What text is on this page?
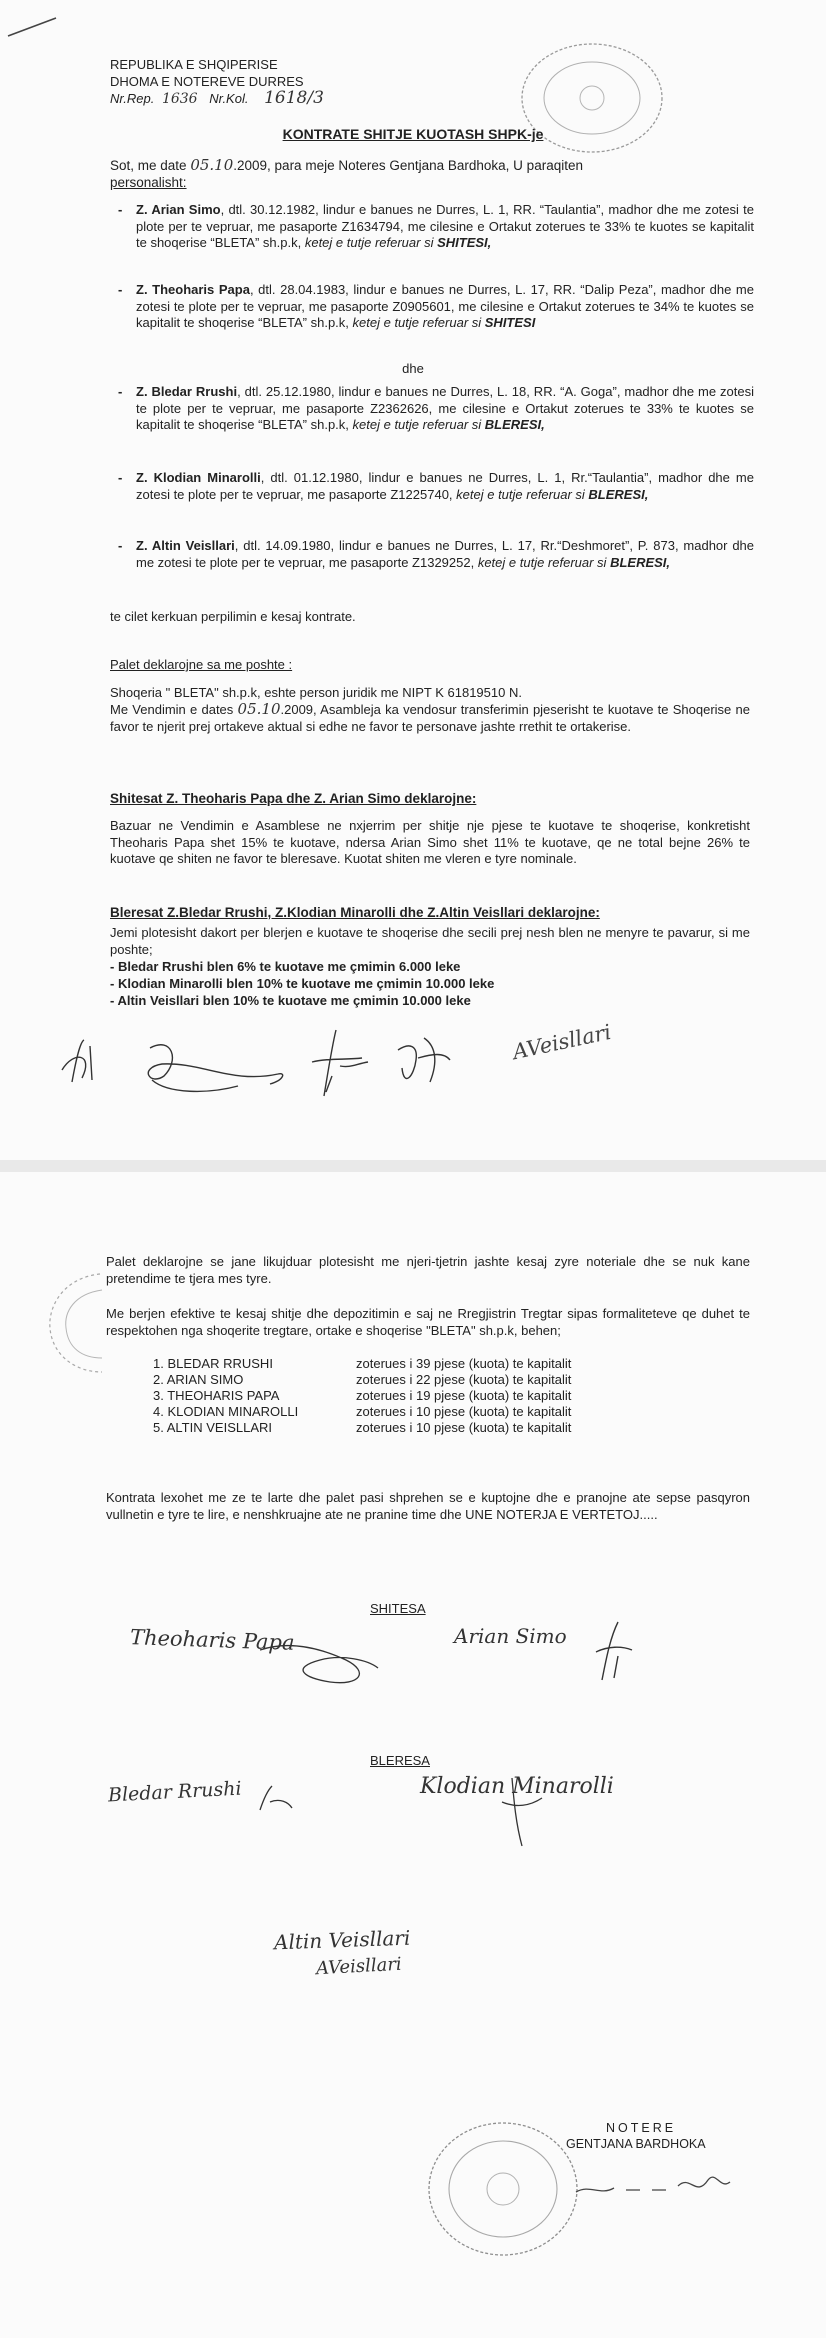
REPUBLIKA E SHQIPERISE
DHOMA E NOTEREVE DURRES
Nr.Rep. 1636 Nr.Kol. 1618/3
KONTRATE SHITJE KUOTASH SHPK-je
Sot, me date 05.10.2009, para meje Noteres Gentjana Bardhoka, U paraqiten
personalisht:
- Z. Arian Simo, dtl. 30.12.1982, lindur e banues ne Durres, L. 1, RR. “Taulantia”, madhor dhe me zotesi te plote per te vepruar, me pasaporte Z1634794, me cilesine e Ortakut zoterues te 33% te kuotes se kapitalit te shoqerise “BLETA” sh.p.k, ketej e tutje referuar si SHITESI,
- Z. Theoharis Papa, dtl. 28.04.1983, lindur e banues ne Durres, L. 17, RR. “Dalip Peza”, madhor dhe me zotesi te plote per te vepruar, me pasaporte Z0905601, me cilesine e Ortakut zoterues te 34% te kuotes se kapitalit te shoqerise “BLETA” sh.p.k, ketej e tutje referuar si SHITESI
dhe
- Z. Bledar Rrushi, dtl. 25.12.1980, lindur e banues ne Durres, L. 18, RR. “A. Goga”, madhor dhe me zotesi te plote per te vepruar, me pasaporte Z2362626, me cilesine e Ortakut zoterues te 33% te kuotes se kapitalit te shoqerise “BLETA” sh.p.k, ketej e tutje referuar si BLERESI,
- Z. Klodian Minarolli, dtl. 01.12.1980, lindur e banues ne Durres, L. 1, Rr.“Taulantia”, madhor dhe me zotesi te plote per te vepruar, me pasaporte Z1225740, ketej e tutje referuar si BLERESI,
- Z. Altin Veisllari, dtl. 14.09.1980, lindur e banues ne Durres, L. 17, Rr.“Deshmoret”, P. 873, madhor dhe me zotesi te plote per te vepruar, me pasaporte Z1329252, ketej e tutje referuar si BLERESI,
te cilet kerkuan perpilimin e kesaj kontrate.
Palet deklarojne sa me poshte :
Shoqeria " BLETA" sh.p.k, eshte person juridik me NIPT K 61819510 N.
Me Vendimin e dates 05.10.2009, Asambleja ka vendosur transferimin pjeserisht te kuotave te Shoqerise ne favor te njerit prej ortakeve aktual si edhe ne favor te personave jashte rrethit te ortakerise.
Shitesat Z. Theoharis Papa dhe Z. Arian Simo deklarojne:
Bazuar ne Vendimin e Asamblese ne nxjerrim per shitje nje pjese te kuotave te shoqerise, konkretisht Theoharis Papa shet 15% te kuotave, ndersa Arian Simo shet 11% te kuotave, qe ne total bejne 26% te kuotave qe shiten ne favor te bleresave. Kuotat shiten me vleren e tyre nominale.
Bleresat Z.Bledar Rrushi, Z.Klodian Minarolli dhe Z.Altin Veisllari deklarojne:
Jemi plotesisht dakort per blerjen e kuotave te shoqerise dhe secili prej nesh blen ne menyre te pavarur, si me poshte;
- Bledar Rrushi blen 6% te kuotave me çmimin 6.000 leke
- Klodian Minarolli blen 10% te kuotave me çmimin 10.000 leke
- Altin Veisllari blen 10% te kuotave me çmimin 10.000 leke
AVeisllari
Palet deklarojne se jane likujduar plotesisht me njeri-tjetrin jashte kesaj zyre noteriale dhe se nuk kane pretendime te tjera mes tyre.
Me berjen efektive te kesaj shitje dhe depozitimin e saj ne Rregjistrin Tregtar sipas formaliteteve qe duhet te respektohen nga shoqerite tregtare, ortake e shoqerise "BLETA" sh.p.k, behen;
1. BLEDAR RRUSHI	zoterues i 39 pjese (kuota) te kapitalit
2. ARIAN SIMO	zoterues i 22 pjese (kuota) te kapitalit
3. THEOHARIS PAPA	zoterues i 19 pjese (kuota) te kapitalit
4. KLODIAN MINAROLLI	zoterues i 10 pjese (kuota) te kapitalit
5. ALTIN VEISLLARI	zoterues i 10 pjese (kuota) te kapitalit
Kontrata lexohet me ze te larte dhe palet pasi shprehen se e kuptojne dhe e pranojne ate sepse pasqyron vullnetin e tyre te lire, e nenshkruajne ate ne pranine time dhe UNE NOTERJA E VERTETOJ.....
SHITESA
Theoharis Papa	Arian Simo
BLERESA
Bledar Rrushi	Klodian Minarolli
Altin Veisllari
AVeisllari
NOTERE
GENTJANA BARDHOKA
